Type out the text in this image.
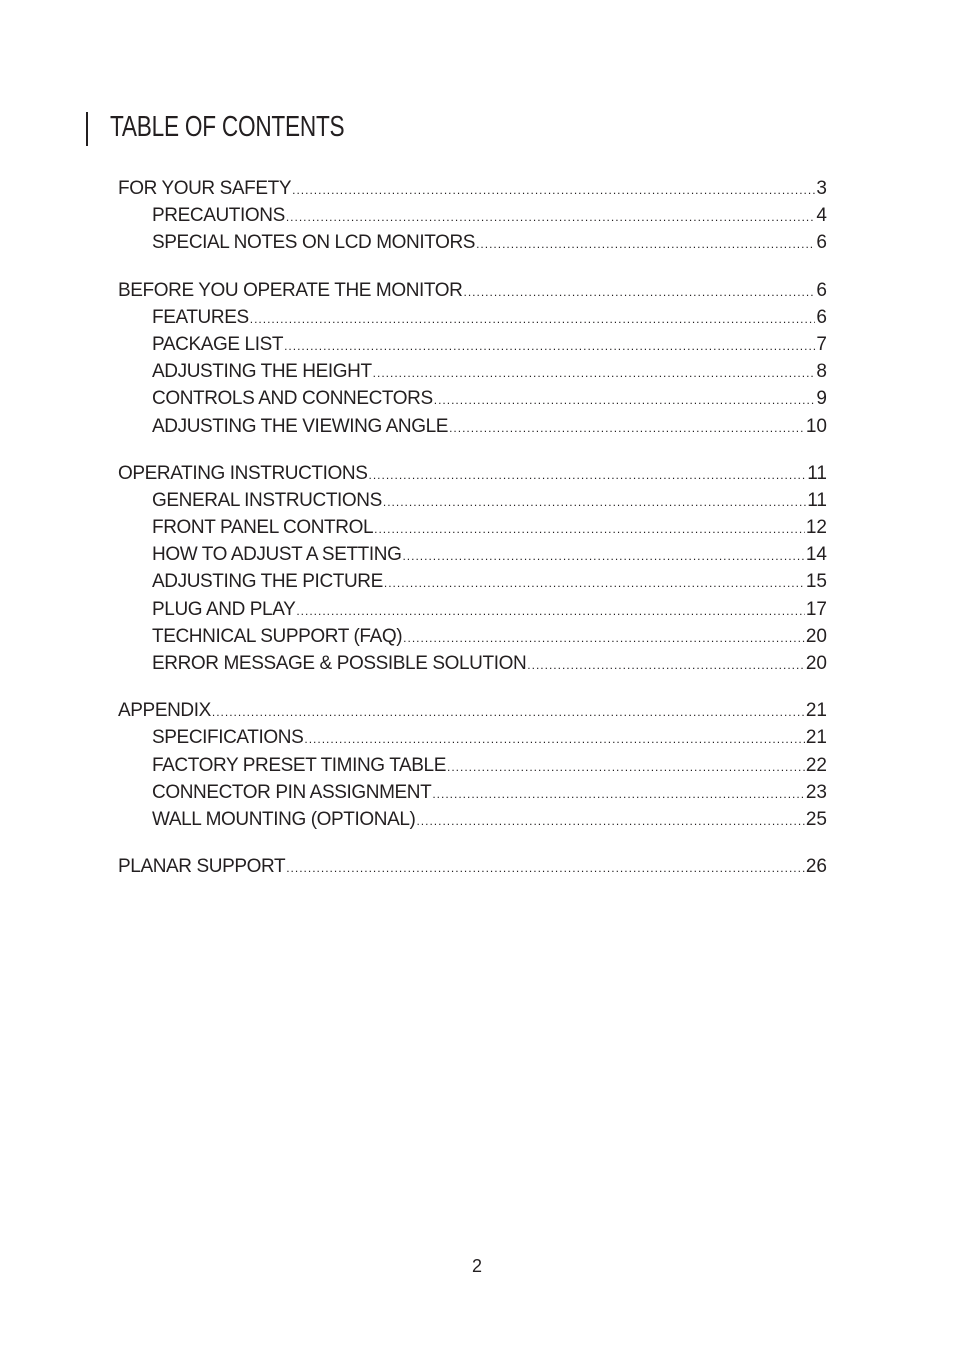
TABLE OF CONTENTS
FOR YOUR SAFETY .....	3
PRECAUTIONS .....	4
SPECIAL NOTES ON LCD MONITORS .....	6
BEFORE YOU OPERATE THE MONITOR .....	6
FEATURES .....	6
PACKAGE LIST .....	7
ADJUSTING THE HEIGHT .....	8
CONTROLS AND CONNECTORS .....	9
ADJUSTING THE VIEWING ANGLE .....	10
OPERATING INSTRUCTIONS .....	11
GENERAL INSTRUCTIONS .....	11
FRONT PANEL CONTROL .....	12
HOW TO ADJUST A SETTING .....	14
ADJUSTING THE PICTURE .....	15
PLUG AND PLAY .....	17
TECHNICAL SUPPORT (FAQ) .....	20
ERROR MESSAGE & POSSIBLE SOLUTION .....	20
APPENDIX .....	21
SPECIFICATIONS .....	21
FACTORY PRESET TIMING TABLE .....	22
CONNECTOR PIN ASSIGNMENT .....	23
WALL MOUNTING (OPTIONAL) .....	25
PLANAR SUPPORT .....	26
2
